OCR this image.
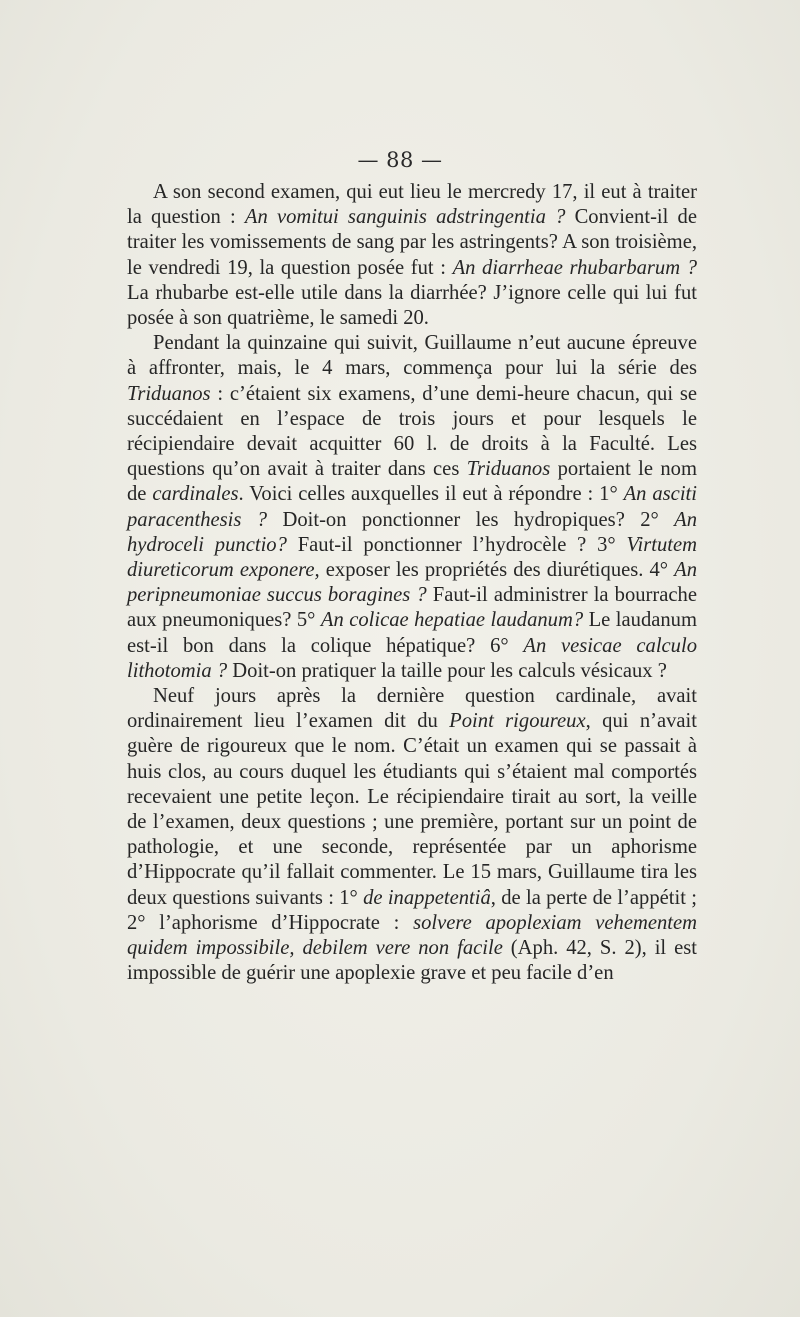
— 88 —

A son second examen, qui eut lieu le mercredy 17, il eut à traiter la question : An vomitui sanguinis adstringentia ? Convient-il de traiter les vomissements de sang par les astringents? A son troisième, le vendredi 19, la question posée fut : An diarrheae rhubarbarum ? La rhubarbe est-elle utile dans la diarrhée? J’ignore celle qui lui fut posée à son quatrième, le samedi 20.

Pendant la quinzaine qui suivit, Guillaume n’eut aucune épreuve à affronter, mais, le 4 mars, commença pour lui la série des Triduanos : c’étaient six examens, d’une demi-heure chacun, qui se succédaient en l’espace de trois jours et pour lesquels le récipiendaire devait acquitter 60 l. de droits à la Faculté. Les questions qu’on avait à traiter dans ces Triduanos portaient le nom de cardinales. Voici celles auxquelles il eut à répondre : 1° An asciti paracenthesis ? Doit-on ponctionner les hydropiques? 2° An hydroceli punctio? Faut-il ponctionner l’hydrocèle ? 3° Virtutem diureticorum exponere, exposer les propriétés des diurétiques. 4° An peripneumoniae succus boragines ? Faut-il administrer la bourrache aux pneumoniques? 5° An colicae hepatiae laudanum? Le laudanum est-il bon dans la colique hépatique? 6° An vesicae calculo lithotomia ? Doit-on pratiquer la taille pour les calculs vésicaux ?

Neuf jours après la dernière question cardinale, avait ordinairement lieu l’examen dit du Point rigoureux, qui n’avait guère de rigoureux que le nom. C’était un examen qui se passait à huis clos, au cours duquel les étudiants qui s’étaient mal comportés recevaient une petite leçon. Le récipiendaire tirait au sort, la veille de l’examen, deux questions ; une première, portant sur un point de pathologie, et une seconde, représentée par un aphorisme d’Hippocrate qu’il fallait commenter. Le 15 mars, Guillaume tira les deux questions suivants : 1° de inappetentiâ, de la perte de l’appétit ; 2° l’aphorisme d’Hippocrate : solvere apoplexiam vehementem quidem impossibile, debilem vere non facile (Aph. 42, S. 2), il est impossible de guérir une apoplexie grave et peu facile d’en
